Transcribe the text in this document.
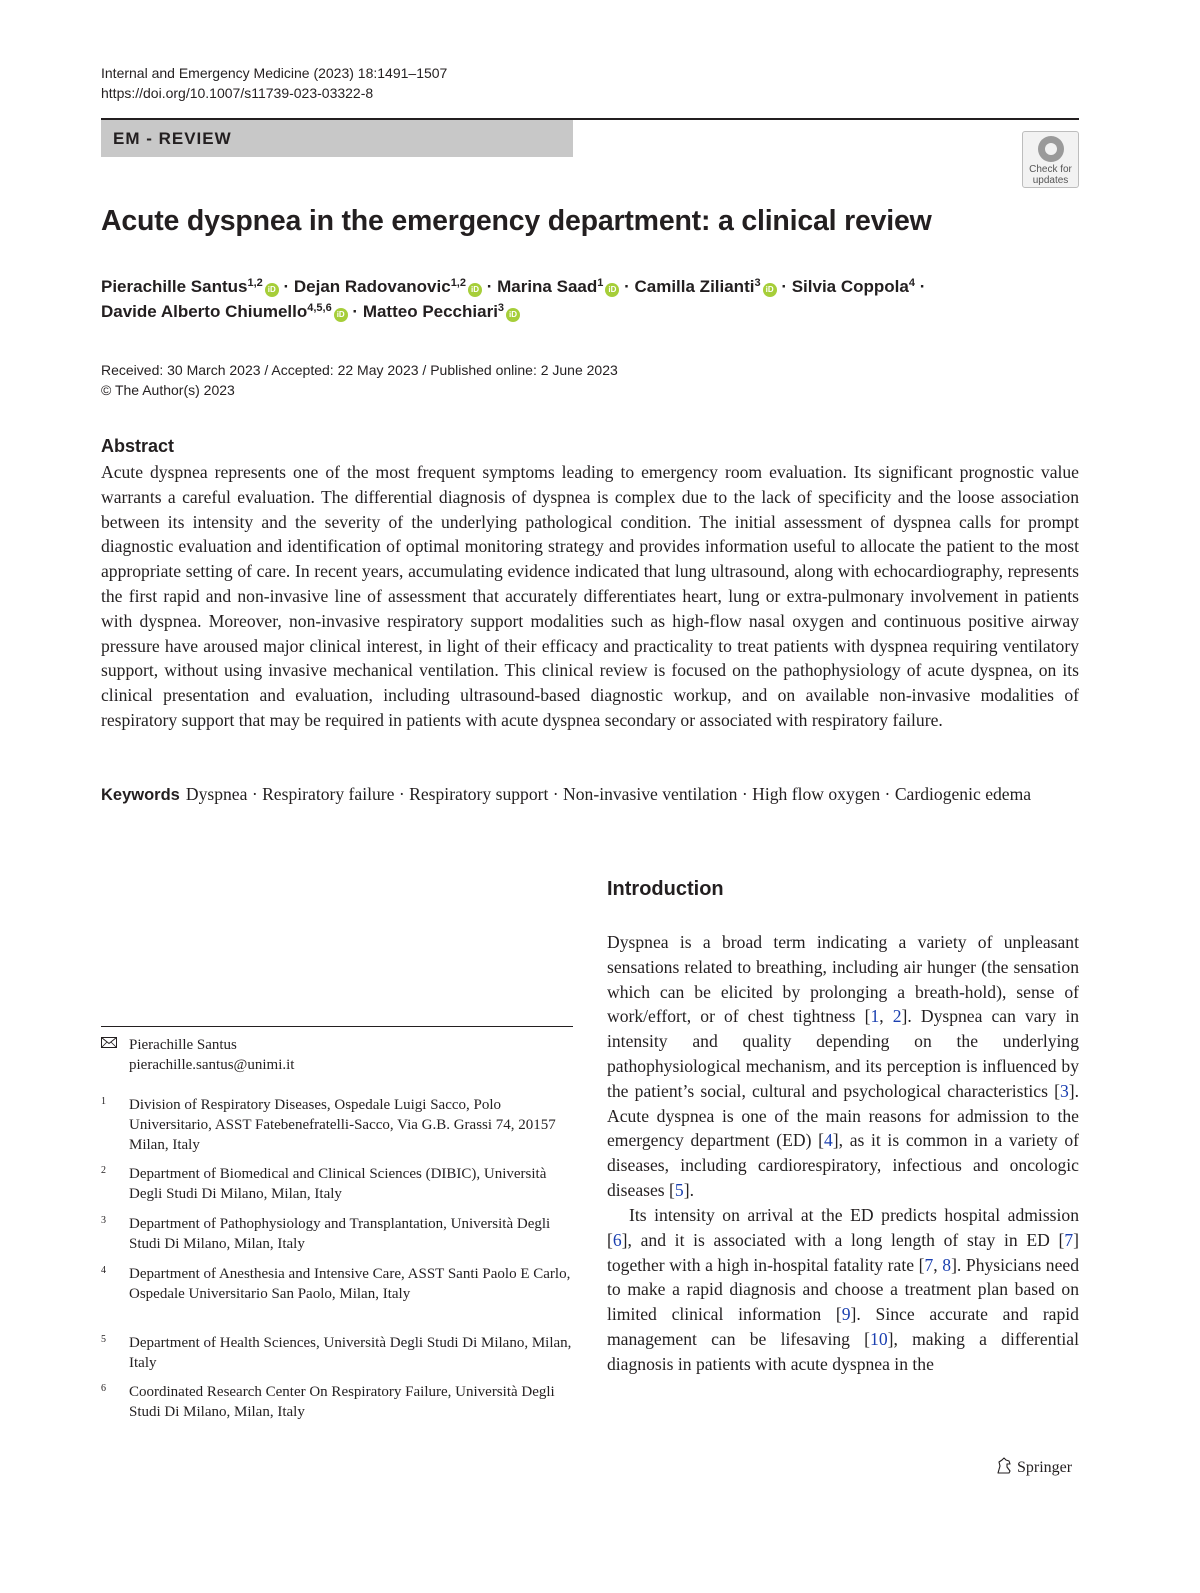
Internal and Emergency Medicine (2023) 18:1491–1507
https://doi.org/10.1007/s11739-023-03322-8
EM - REVIEW
Check for
updates
Acute dyspnea in the emergency department: a clinical review
Pierachille Santus$^{1,2}$iD · Dejan Radovanovic$^{1,2}$iD · Marina Saad$^1$iD · Camilla Zilianti$^3$iD · Silvia Coppola$^4$ ·
Davide Alberto Chiumello$^{4,5,6}$iD · Matteo Pecchiari$^3$iD
Received: 30 March 2023 / Accepted: 22 May 2023 / Published online: 2 June 2023
© The Author(s) 2023
Abstract

Acute dyspnea represents one of the most frequent symptoms leading to emergency room evaluation. Its significant prognostic value warrants a careful evaluation. The differential diagnosis of dyspnea is complex due to the lack of specificity and the loose association between its intensity and the severity of the underlying pathological condition. The initial assessment of dyspnea calls for prompt diagnostic evaluation and identification of optimal monitoring strategy and provides information useful to allocate the patient to the most appropriate setting of care. In recent years, accumulating evidence indicated that lung ultrasound, along with echocardiography, represents the first rapid and non-invasive line of assessment that accurately differentiates heart, lung or extra-pulmonary involvement in patients with dyspnea. Moreover, non-invasive respiratory support modalities such as high-flow nasal oxygen and continuous positive airway pressure have aroused major clinical interest, in light of their efficacy and practicality to treat patients with dyspnea requiring ventilatory support, without using invasive mechanical ventilation. This clinical review is focused on the pathophysiology of acute dyspnea, on its clinical presentation and evaluation, including ultrasound-based diagnostic workup, and on available non-invasive modalities of respiratory support that may be required in patients with acute dyspnea secondary or associated with respiratory failure.

Keywords Dyspnea · Respiratory failure · Respiratory support · Non-invasive ventilation · High flow oxygen · Cardiogenic edema

Introduction

Dyspnea is a broad term indicating a variety of unpleasant sensations related to breathing, including air hunger (the sensation which can be elicited by prolonging a breath-hold), sense of work/effort, or of chest tightness [1, 2]. Dyspnea can vary in intensity and quality depending on the underlying pathophysiological mechanism, and its perception is influenced by the patient’s social, cultural and psychological characteristics [3]. Acute dyspnea is one of the main reasons for admission to the emergency department (ED) [4], as it is common in a variety of diseases, including cardiorespiratory, infectious and oncologic diseases [5].

Its intensity on arrival at the ED predicts hospital admission [6], and it is associated with a long length of stay in ED [7] together with a high in-hospital fatality rate [7, 8]. Physicians need to make a rapid diagnosis and choose a treatment plan based on limited clinical information [9]. Since accurate and rapid management can be lifesaving [10], making a differential diagnosis in patients with acute dyspnea in the

Pierachille Santus
pierachille.santus@unimi.it
1 Division of Respiratory Diseases, Ospedale Luigi Sacco, Polo Universitario, ASST Fatebenefratelli-Sacco, Via G.B. Grassi 74, 20157 Milan, Italy
2 Department of Biomedical and Clinical Sciences (DIBIC), Università Degli Studi Di Milano, Milan, Italy
3 Department of Pathophysiology and Transplantation, Università Degli Studi Di Milano, Milan, Italy
4 Department of Anesthesia and Intensive Care, ASST Santi Paolo E Carlo, Ospedale Universitario San Paolo, Milan, Italy
5 Department of Health Sciences, Università Degli Studi Di Milano, Milan, Italy
6 Coordinated Research Center On Respiratory Failure, Università Degli Studi Di Milano, Milan, Italy
Springer
